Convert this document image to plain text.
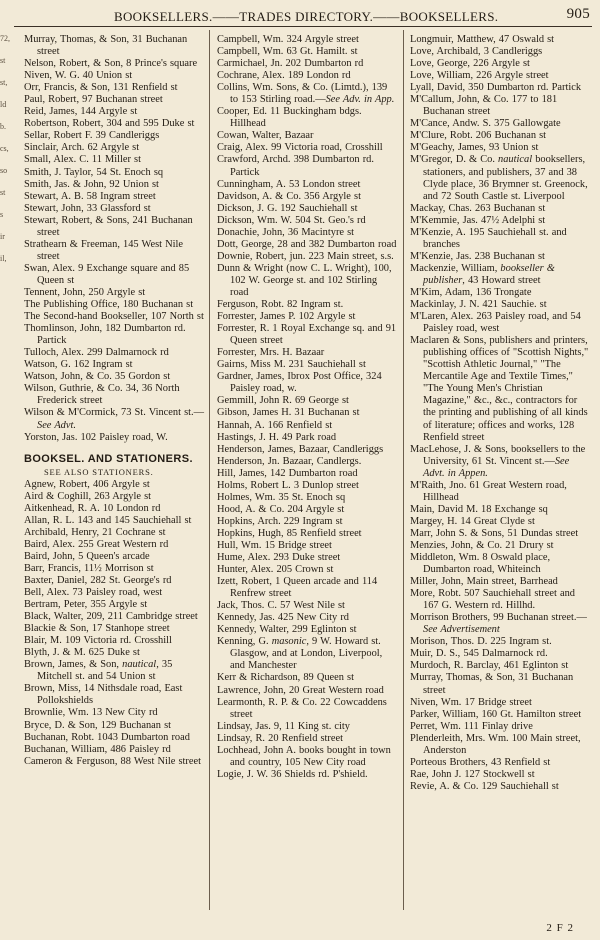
72,
st
st,
ld
b.
cs,
so
st
s
ir
il,
BOOKSELLERS.——TRADES DIRECTORY.——BOOKSELLERS.	905
Murray, Thomas, & Son, 31 Buchanan street
Nelson, Robert, & Son, 8 Prince's square
Niven, W. G. 40 Union st
Orr, Francis, & Son, 131 Renfield st
Paul, Robert, 97 Buchanan street
Reid, James, 144 Argyle st
Robertson, Robert, 304 and 595 Duke st
Sellar, Robert F. 39 Candleriggs
Sinclair, Arch. 62 Argyle st
Small, Alex. C. 11 Miller st
Smith, J. Taylor, 54 St. Enoch sq
Smith, Jas. & John, 92 Union st
Stewart, A. B. 58 Ingram street
Stewart, John, 33 Glassford st
Stewart, Robert, & Sons, 241 Buchanan street
Strathearn & Freeman, 145 West Nile street
Swan, Alex. 9 Exchange square and 85 Queen st
Tennent, John, 250 Argyle st
The Publishing Office, 180 Buchanan st
The Second-hand Bookseller, 107 North st
Thomlinson, John, 182 Dumbarton rd. Partick
Tulloch, Alex. 299 Dalmarnock rd
Watson, G. 162 Ingram st
Watson, John, & Co. 35 Gordon st
Wilson, Guthrie, & Co. 34, 36 North Frederick street
Wilson & M'Cormick, 73 St. Vincent st.—See Advt.
Yorston, Jas. 102 Paisley road, W.
BOOKSEL. AND STATIONERS.
SEE ALSO STATIONERS.
Agnew, Robert, 406 Argyle st
Aird & Coghill, 263 Argyle st
Aitkenhead, R. A. 10 London rd
Allan, R. L. 143 and 145 Sauchiehall st
Archibald, Henry, 21 Cochrane st
Baird, Alex. 255 Great Western rd
Baird, John, 5 Queen's arcade
Barr, Francis, 11½ Morrison st
Baxter, Daniel, 282 St. George's rd
Bell, Alex. 73 Paisley road, west
Bertram, Peter, 355 Argyle st
Black, Walter, 209, 211 Cambridge street
Blackie & Son, 17 Stanhope street
Blair, M. 109 Victoria rd. Crosshill
Blyth, J. & M. 625 Duke st
Brown, James, & Son, nautical, 35 Mitchell st. and 54 Union st
Brown, Miss, 14 Nithsdale road, East Pollokshields
Brownlie, Wm. 13 New City rd
Bryce, D. & Son, 129 Buchanan st
Buchanan, Robt. 1043 Dumbarton road
Buchanan, William, 486 Paisley rd
Cameron & Ferguson, 88 West Nile street
Campbell, Wm. 324 Argyle street
Campbell, Wm. 63 Gt. Hamilt. st
Carmichael, Jn. 202 Dumbarton rd
Cochrane, Alex. 189 London rd
Collins, Wm. Sons, & Co. (Limtd.), 139 to 153 Stirling road.—See Adv. in App.
Cooper, Ed. 11 Buckingham bdgs. Hillhead
Cowan, Walter, Bazaar
Craig, Alex. 99 Victoria road, Crosshill
Crawford, Archd. 398 Dumbarton rd. Partick
Cunningham, A. 53 London street
Davidson, A. & Co. 356 Argyle st
Dickson, J. G. 192 Sauchiehall st
Dickson, Wm. W. 504 St. Geo.'s rd
Donachie, John, 36 Macintyre st
Dott, George, 28 and 382 Dumbarton road
Downie, Robert, jun. 223 Main street, s.s.
Dunn & Wright (now C. L. Wright), 100, 102 W. George st. and 102 Stirling road
Ferguson, Robt. 82 Ingram st.
Forrester, James P. 102 Argyle st
Forrester, R. 1 Royal Exchange sq. and 91 Queen street
Forrester, Mrs. H. Bazaar
Gairns, Miss M. 231 Sauchiehall st
Gardner, James, Ibrox Post Office, 324 Paisley road, w.
Gemmill, John R. 69 George st
Gibson, James H. 31 Buchanan st
Hannah, A. 166 Renfield st
Hastings, J. H. 49 Park road
Henderson, James, Bazaar, Candleriggs
Henderson, Jn. Bazaar, Candlergs.
Hill, James, 142 Dumbarton road
Holms, Robert L. 3 Dunlop street
Holmes, Wm. 35 St. Enoch sq
Hood, A. & Co. 204 Argyle st
Hopkins, Arch. 229 Ingram st
Hopkins, Hugh, 85 Renfield street
Hull, Wm. 15 Bridge street
Hume, Alex. 293 Duke street
Hunter, Alex. 205 Crown st
Izett, Robert, 1 Queen arcade and 114 Renfrew street
Jack, Thos. C. 57 West Nile st
Kennedy, Jas. 425 New City rd
Kennedy, Walter, 299 Eglinton st
Kenning, G. masonic, 9 W. Howard st. Glasgow, and at London, Liverpool, and Manchester
Kerr & Richardson, 89 Queen st
Lawrence, John, 20 Great Western road
Learmonth, R. P. & Co. 22 Cowcaddens street
Lindsay, Jas. 9, 11 King st. city
Lindsay, R. 20 Renfield street
Lochhead, John A. books bought in town and country, 105 New City road
Logie, J. W. 36 Shields rd. P'shield.
Longmuir, Matthew, 47 Oswald st
Love, Archibald, 3 Candleriggs
Love, George, 226 Argyle st
Love, William, 226 Argyle street
Lyall, David, 350 Dumbarton rd. Partick
M'Callum, John, & Co. 177 to 181 Buchanan street
M'Cance, Andw. S. 375 Gallowgate
M'Clure, Robt. 206 Buchanan st
M'Geachy, James, 93 Union st
M'Gregor, D. & Co. nautical booksellers, stationers, and publishers, 37 and 38 Clyde place, 36 Brymner st. Greenock, and 72 South Castle st. Liverpool
Mackay, Chas. 263 Buchanan st
M'Kemmie, Jas. 47½ Adelphi st
M'Kenzie, A. 195 Sauchiehall st. and branches
M'Kenzie, Jas. 238 Buchanan st
Mackenzie, William, bookseller & publisher, 43 Howard street
M'Kim, Adam, 136 Trongate
Mackinlay, J. N. 421 Sauchie. st
M'Laren, Alex. 263 Paisley road, and 54 Paisley road, west
Maclaren & Sons, publishers and printers, publishing offices of "Scottish Nights," "Scottish Athletic Journal," "The Mercantile Age and Textile Times," "The Young Men's Christian Magazine," &c., &c., contractors for the printing and publishing of all kinds of literature; offices and works, 128 Renfield street
MacLehose, J. & Sons, booksellers to the University, 61 St. Vincent st.—See Advt. in Appen.
M'Raith, Jno. 61 Great Western road, Hillhead
Main, David M. 18 Exchange sq
Margey, H. 14 Great Clyde st
Marr, John S. & Sons, 51 Dundas street
Menzies, John, & Co. 21 Drury st
Middleton, Wm. 8 Oswald place, Dumbarton road, Whiteinch
Miller, John, Main street, Barrhead
More, Robt. 507 Sauchiehall street and 167 G. Western rd. Hillhd.
Morrison Brothers, 99 Buchanan street.—See Advertisement
Morison, Thos. D. 225 Ingram st.
Muir, D. S., 545 Dalmarnock rd.
Murdoch, R. Barclay, 461 Eglinton st
Murray, Thomas, & Son, 31 Buchanan street
Niven, Wm. 17 Bridge street
Parker, William, 160 Gt. Hamilton street
Perret, Wm. 111 Finlay drive
Plenderleith, Mrs. Wm. 100 Main street, Anderston
Porteous Brothers, 43 Renfield st
Rae, John J. 127 Stockwell st
Revie, A. & Co. 129 Sauchiehall st
2 F 2
